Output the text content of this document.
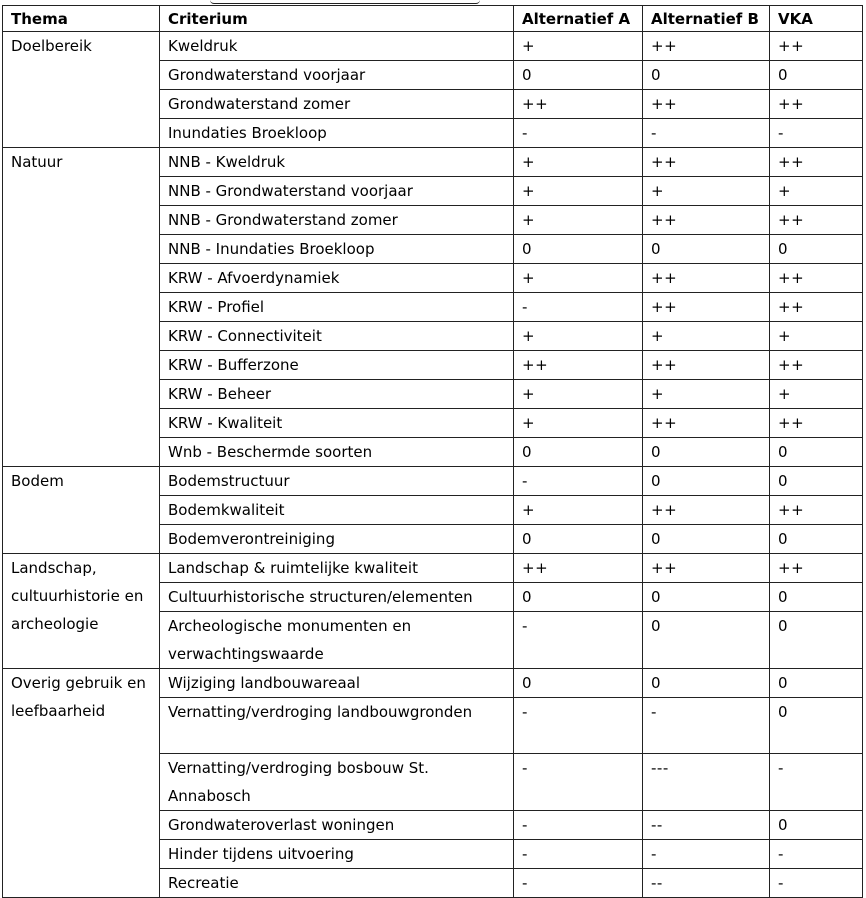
Thema	Criterium	Alternatief A	Alternatief B	VKA
Doelbereik	Kweldruk	+	++	++
	Grondwaterstand voorjaar	0	0	0
	Grondwaterstand zomer	++	++	++
	Inundaties Broekloop	-	-	-
Natuur	NNB - Kweldruk	+	++	++
	NNB - Grondwaterstand voorjaar	+	+	+
	NNB - Grondwaterstand zomer	+	++	++
	NNB - Inundaties Broekloop	0	0	0
	KRW - Afvoerdynamiek	+	++	++
	KRW - Profiel	-	++	++
	KRW - Connectiviteit	+	+	+
	KRW - Bufferzone	++	++	++
	KRW - Beheer	+	+	+
	KRW - Kwaliteit	+	++	++
	Wnb - Beschermde soorten	0	0	0
Bodem	Bodemstructuur	-	0	0
	Bodemkwaliteit	+	++	++
	Bodemverontreiniging	0	0	0
Landschap, cultuurhistorie en archeologie	Landschap & ruimtelijke kwaliteit	++	++	++
	Cultuurhistorische structuren/elementen	0	0	0
	Archeologische monumenten en verwachtingswaarde	-	0	0
Overig gebruik en leefbaarheid	Wijziging landbouwareaal	0	0	0
	Vernatting/verdroging landbouwgronden	-	-	0
	Vernatting/verdroging bosbouw St. Annabosch	-	---	-
	Grondwateroverlast woningen	-	--	0
	Hinder tijdens uitvoering	-	-	-
	Recreatie	-	--	-
